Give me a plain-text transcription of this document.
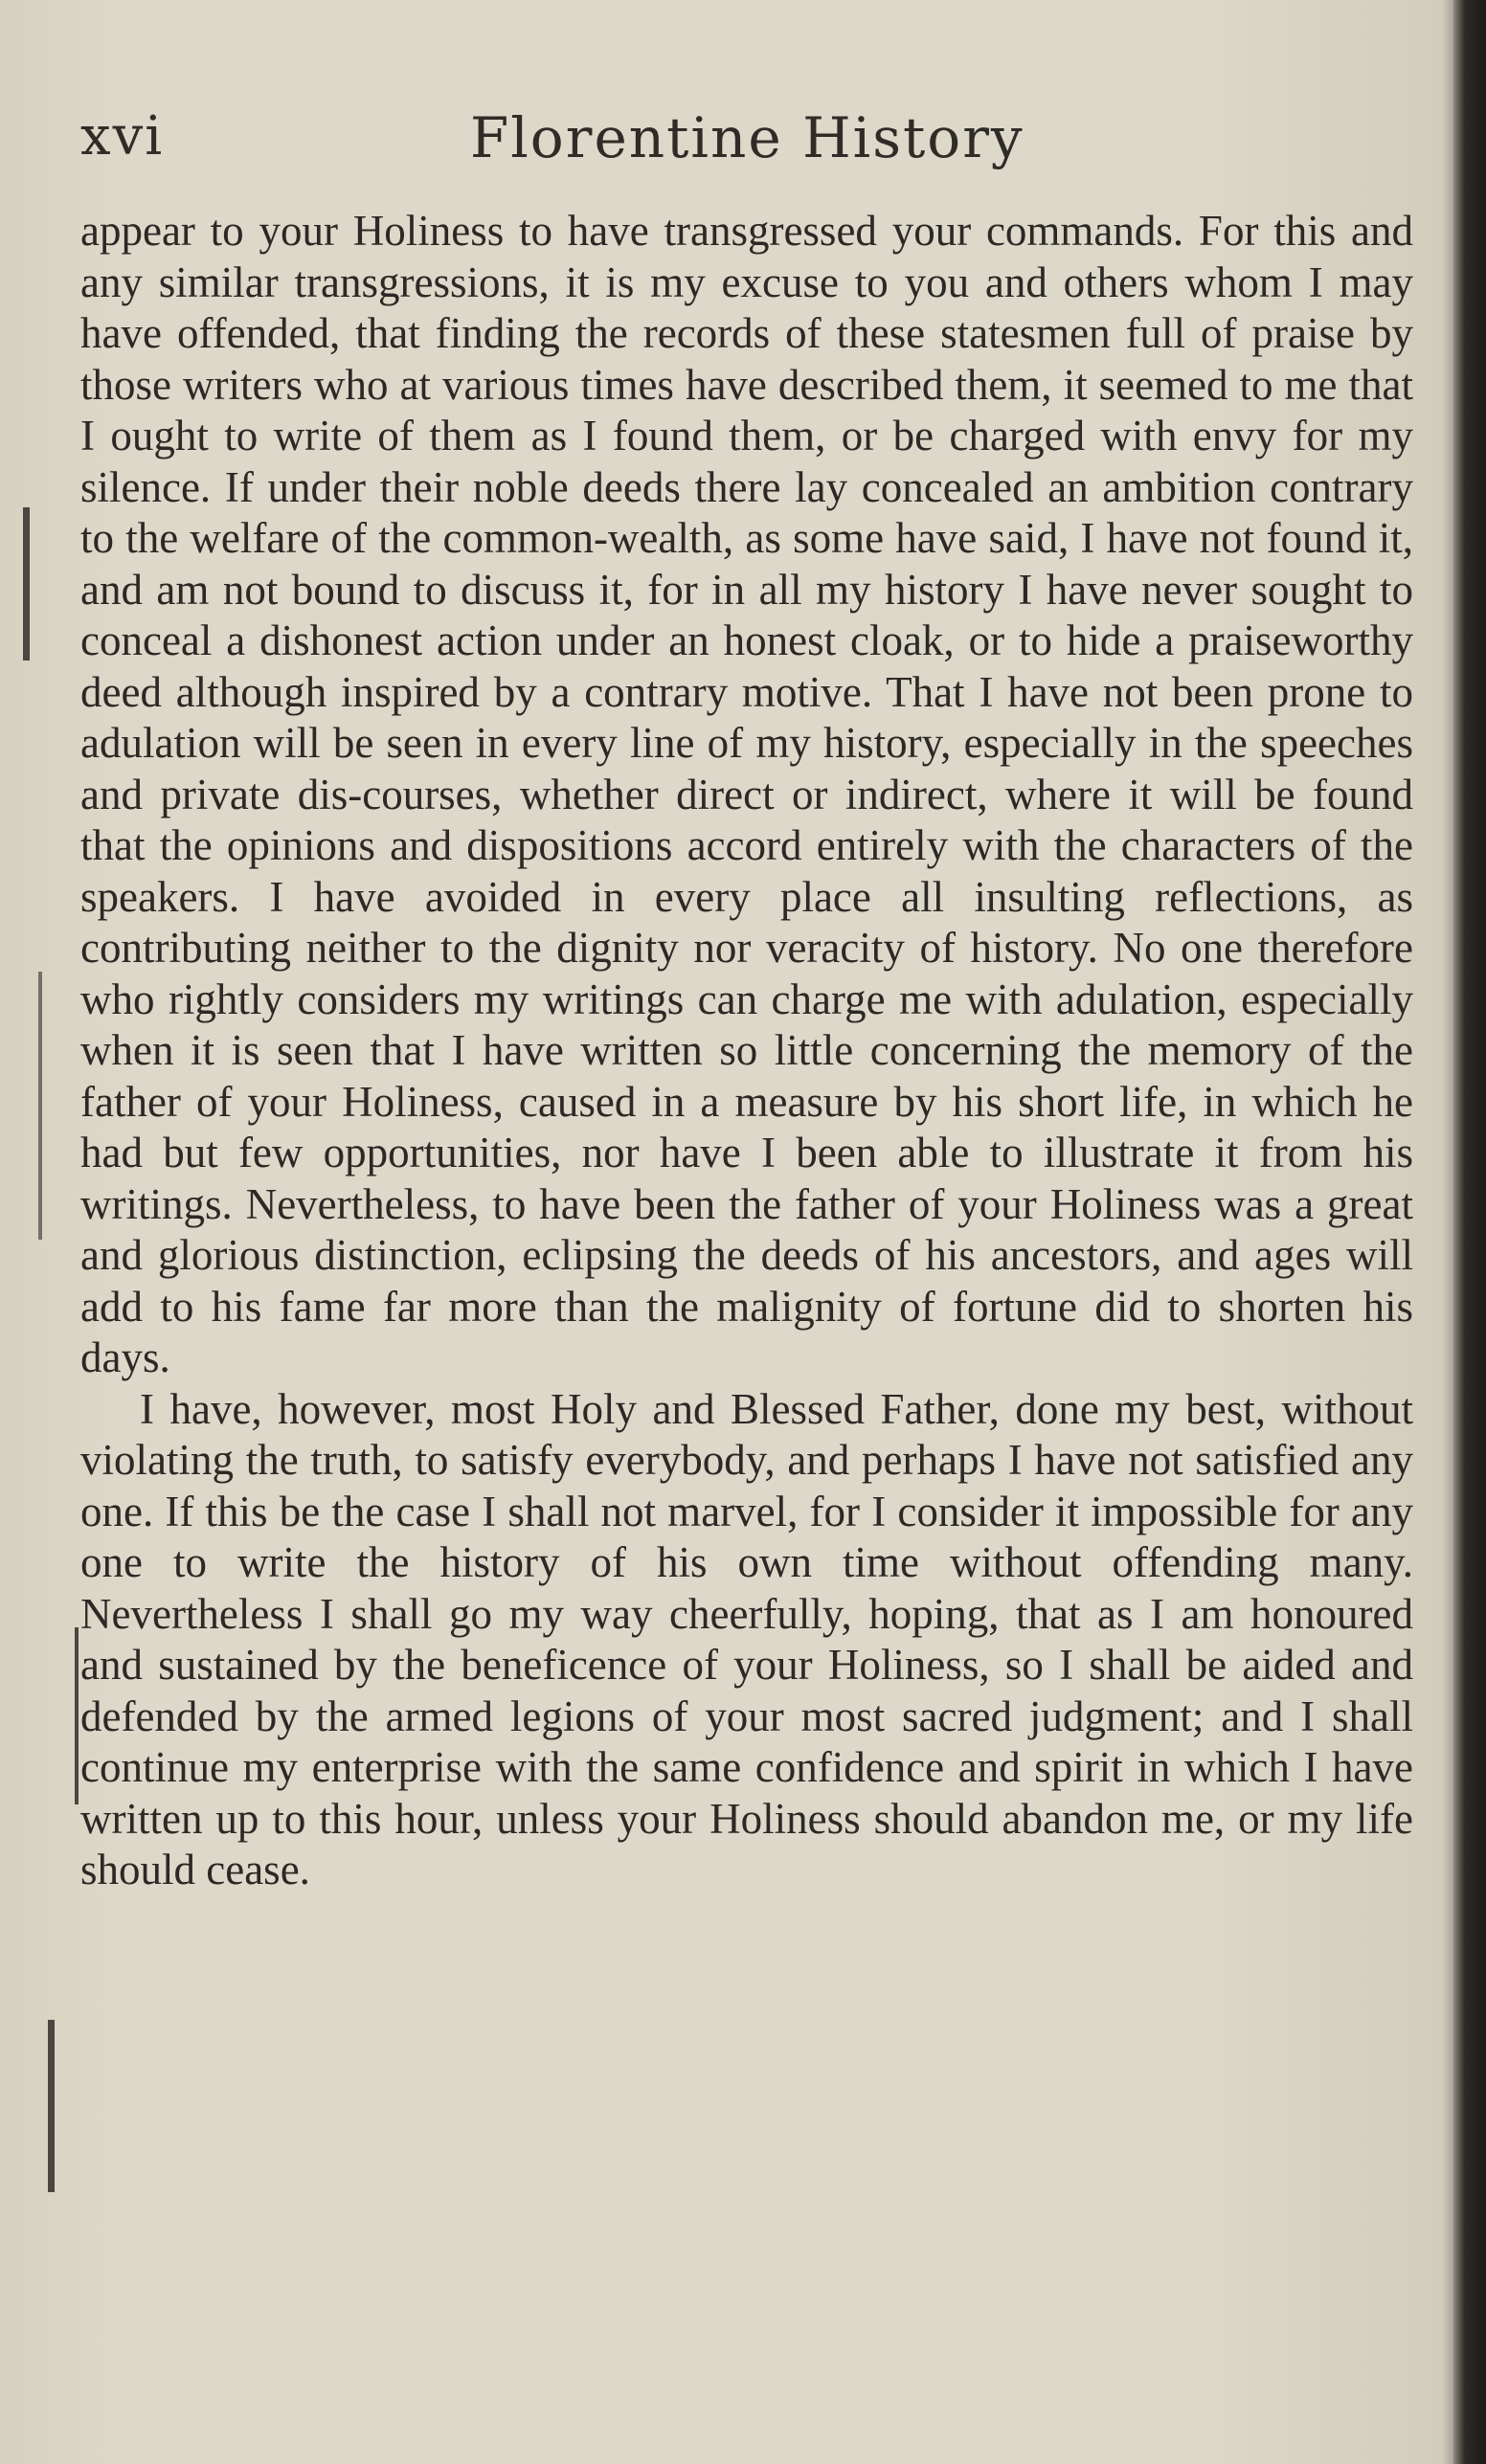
xvi	Florentine History

appear to your Holiness to have transgressed your commands. For this and any similar transgressions, it is my excuse to you and others whom I may have offended, that finding the records of these statesmen full of praise by those writers who at various times have described them, it seemed to me that I ought to write of them as I found them, or be charged with envy for my silence. If under their noble deeds there lay concealed an ambition contrary to the welfare of the common-wealth, as some have said, I have not found it, and am not bound to discuss it, for in all my history I have never sought to conceal a dishonest action under an honest cloak, or to hide a praiseworthy deed although inspired by a contrary motive. That I have not been prone to adulation will be seen in every line of my history, especially in the speeches and private dis-courses, whether direct or indirect, where it will be found that the opinions and dispositions accord entirely with the characters of the speakers. I have avoided in every place all insulting reflections, as contributing neither to the dignity nor veracity of history. No one therefore who rightly considers my writings can charge me with adulation, especially when it is seen that I have written so little concerning the memory of the father of your Holiness, caused in a measure by his short life, in which he had but few opportunities, nor have I been able to illustrate it from his writings. Nevertheless, to have been the father of your Holiness was a great and glorious distinction, eclipsing the deeds of his ancestors, and ages will add to his fame far more than the malignity of fortune did to shorten his days.

I have, however, most Holy and Blessed Father, done my best, without violating the truth, to satisfy everybody, and perhaps I have not satisfied any one. If this be the case I shall not marvel, for I consider it impossible for any one to write the history of his own time without offending many. Nevertheless I shall go my way cheerfully, hoping, that as I am honoured and sustained by the beneficence of your Holiness, so I shall be aided and defended by the armed legions of your most sacred judgment; and I shall continue my enterprise with the same confidence and spirit in which I have written up to this hour, unless your Holiness should abandon me, or my life should cease.
